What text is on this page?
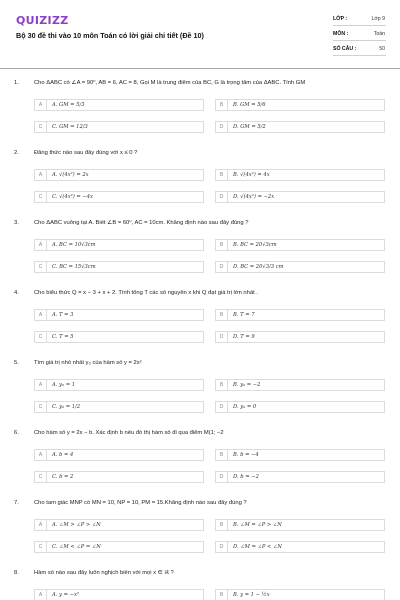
QUIZIZZ
Bộ 30 đề thi vào 10 môn Toán có lời giải chi tiết (Đề 10)
LỚP :	Lớp 9
MÔN :	Toán
SỐ CÂU :	50
1.	Cho ΔABC có ∠A = 90⁰, AB = 6, AC = 8, Gọi M là trung điểm của BC, G là trọng tâm của ΔABC. Tính GM
A	A. GM = 5/3	B	B. GM = 5/6
C	C. GM = 12/3	D	D. GM = 5/2
2.	Đẳng thức nào sau đây đúng với x ≤ 0 ?
A	A. √(4x²) = 2x	B	B. √(4x²) = 4x
C	C. √(4x²) = −4x	D	D. √(4x²) = −2x
3.	Cho ΔABC vuông tại A. Biết ∠B = 60⁰, AC = 10cm. Khẳng định nào sau đây đúng ?
A	A. BC = 10√3cm	B	B. BC = 20√3cm
C	C. BC = 15√3cm	D	D. BC = 20√3/3 cm
4.	Cho biểu thức Q = x − 3 + x + 2. Tính tổng T các số nguyên x khi Q đạt giá trị lớn nhất .
A	A. T = 3	B	B. T = 7
C	C. T = 5	D	D. T = 9
5.	Tìm giá trị nhỏ nhất y₀ của hàm số y = 2x²
A	A. y₀ = 1	B	B. y₀ = −2
C	C. y₀ = 1/2	D	D. y₀ = 0
6.	Cho hàm số y = 2x − b. Xác định b nếu đồ thị hàm số đi qua điểm M(1; −2
A	A. b = 4	B	B. b = −4
C	C. b = 2	D	D. b = −2
7.	Cho tam giác MNP có MN = 10, NP = 10, PM = 15.Khẳng định nào sau đây đúng ?
A	A. ∠M > ∠P > ∠N	B	B. ∠M = ∠P > ∠N
C	C. ∠M < ∠P = ∠N	D	D. ∠M = ∠P < ∠N
8.	Hàm số nào sau đây luôn nghịch biến với mọi x ∈ ℝ ?
A	A. y = −x²	B	B. y = 1 − ½x
